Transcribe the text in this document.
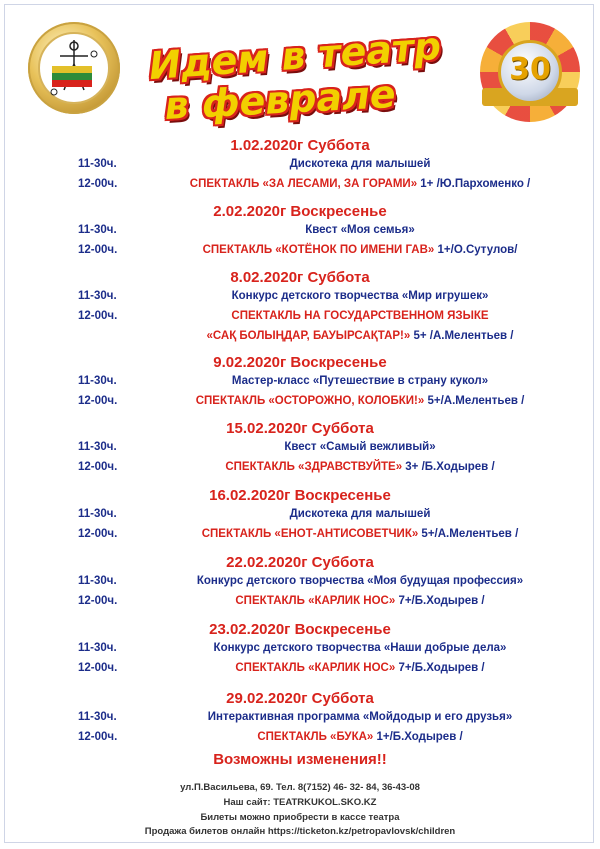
Идем в театр
в феврале
30
1.02.2020г Суббота
11-30ч.	Дискотека для малышей
12-00ч.	СПЕКТАКЛЬ «ЗА ЛЕСАМИ, ЗА ГОРАМИ» 1+ /Ю.Пархоменко /
2.02.2020г Воскресенье
11-30ч.	Квест «Моя семья»
12-00ч.	СПЕКТАКЛЬ «КОТЁНОК ПО ИМЕНИ ГАВ» 1+/О.Сутулов/
8.02.2020г Суббота
11-30ч.	Конкурс детского творчества «Мир игрушек»
12-00ч.	СПЕКТАКЛЬ НА ГОСУДАРСТВЕННОМ ЯЗЫКЕ
«САҚ БОЛЫҢДАР, БАУЫРСАҚТАР!» 5+ /А.Мелентьев /
9.02.2020г Воскресенье
11-30ч.	Мастер-класс «Путешествие в страну кукол»
12-00ч.	СПЕКТАКЛЬ «ОСТОРОЖНО, КОЛОБКИ!» 5+/А.Мелентьев /
15.02.2020г Суббота
11-30ч.	Квест «Самый вежливый»
12-00ч.	СПЕКТАКЛЬ «ЗДРАВСТВУЙТЕ» 3+ /Б.Ходырев /
16.02.2020г Воскресенье
11-30ч.	Дискотека для малышей
12-00ч.	СПЕКТАКЛЬ «ЕНОТ-АНТИСОВЕТЧИК» 5+/А.Мелентьев /
22.02.2020г Суббота
11-30ч.	Конкурс детского творчества «Моя будущая профессия»
12-00ч.	СПЕКТАКЛЬ «КАРЛИК НОС» 7+/Б.Ходырев /
23.02.2020г Воскресенье
11-30ч.	Конкурс детского творчества «Наши добрые дела»
12-00ч.	СПЕКТАКЛЬ «КАРЛИК НОС» 7+/Б.Ходырев /
29.02.2020г Суббота
11-30ч.	Интерактивная программа «Мойдодыр и его друзья»
12-00ч.	СПЕКТАКЛЬ «БУКА» 1+/Б.Ходырев /
Возможны изменения!!
ул.П.Васильева, 69. Тел. 8(7152) 46- 32- 84, 36-43-08
Наш сайт: TEATRKUKOL.SKO.KZ
Билеты можно приобрести в кассе театра
Продажа билетов онлайн https://ticketon.kz/petropavlovsk/children
